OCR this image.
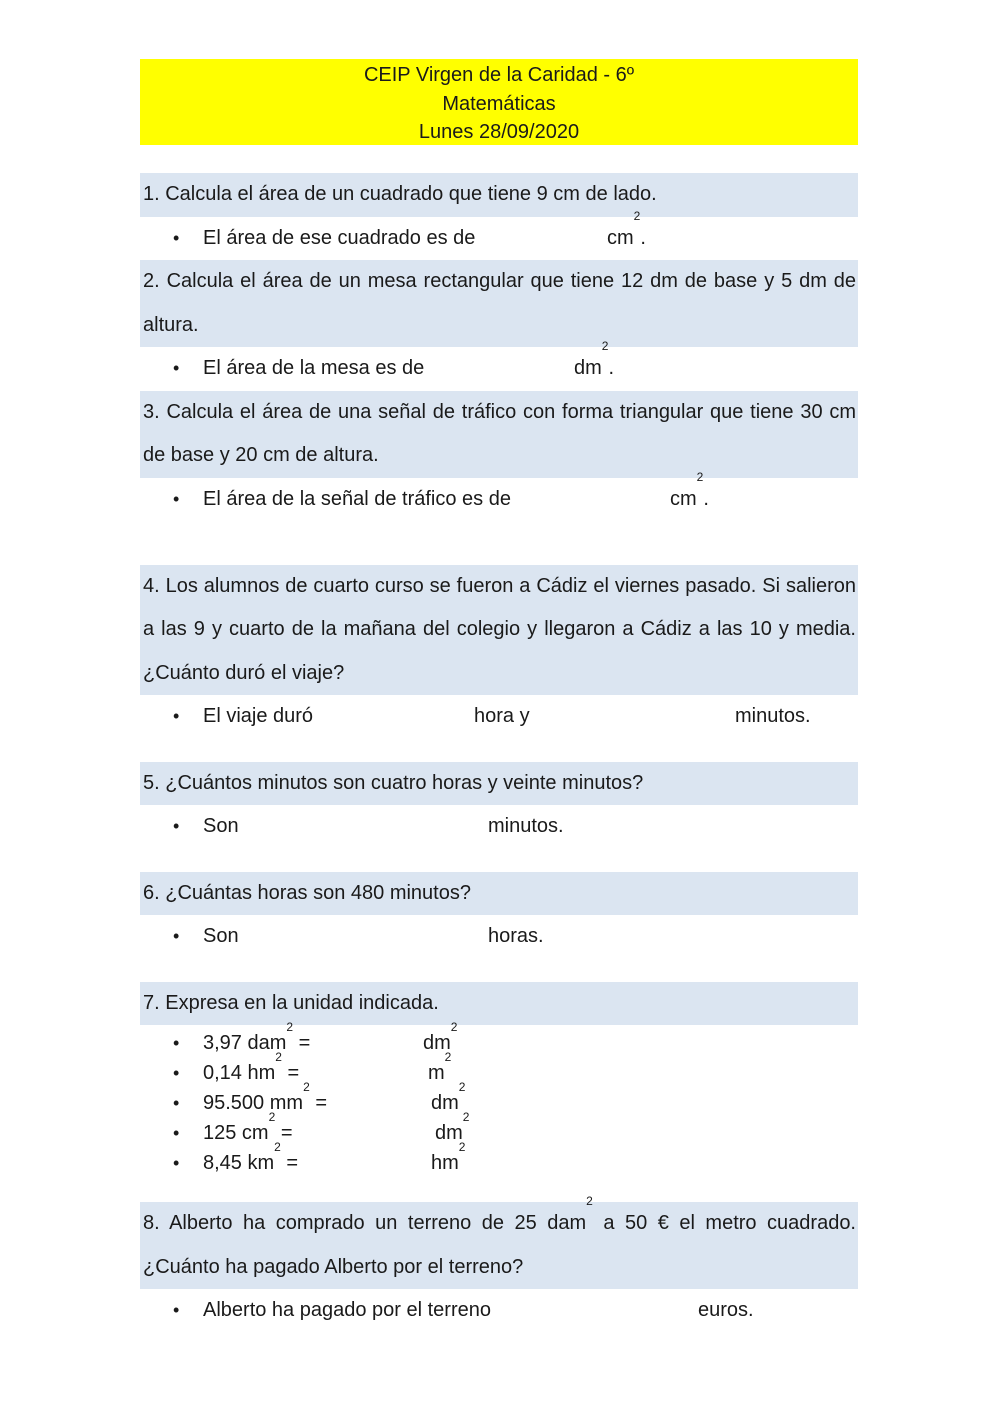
CEIP Virgen de la Caridad - 6º
Matemáticas
Lunes 28/09/2020
1. Calcula el área de un cuadrado que tiene 9 cm de lado.
• El área de ese cuadrado es de	$cm^2$.
2. Calcula el área de un mesa rectangular que tiene 12 dm de base y 5 dm de altura.
• El área de la mesa es de	$dm^2$.
3. Calcula el área de una señal de tráfico con forma triangular que tiene 30 cm de base y 20 cm de altura.
• El área de la señal de tráfico es de	$cm^2$.
4. Los alumnos de cuarto curso se fueron a Cádiz el viernes pasado. Si salieron a las 9 y cuarto de la mañana del colegio y llegaron a Cádiz a las 10 y media. ¿Cuánto duró el viaje?
• El viaje duró	hora y	minutos.
5. ¿Cuántos minutos son cuatro horas y veinte minutos?
• Son	minutos.
6. ¿Cuántas horas son 480 minutos?
• Son	horas.
7. Expresa en la unidad indicada.
• 3,97 dam$^2$ =	$dm^2$
• 0,14 $hm^2$ =	$m^2$
• 95.500 $mm^2$ =	$dm^2$
• 125 $cm^2$ =	$dm^2$
• 8,45 $km^2$ =	$hm^2$
8. Alberto ha comprado un terreno de 25 dam$^2$ a 50 € el metro cuadrado. ¿Cuánto ha pagado Alberto por el terreno?
• Alberto ha pagado por el terreno	euros.
